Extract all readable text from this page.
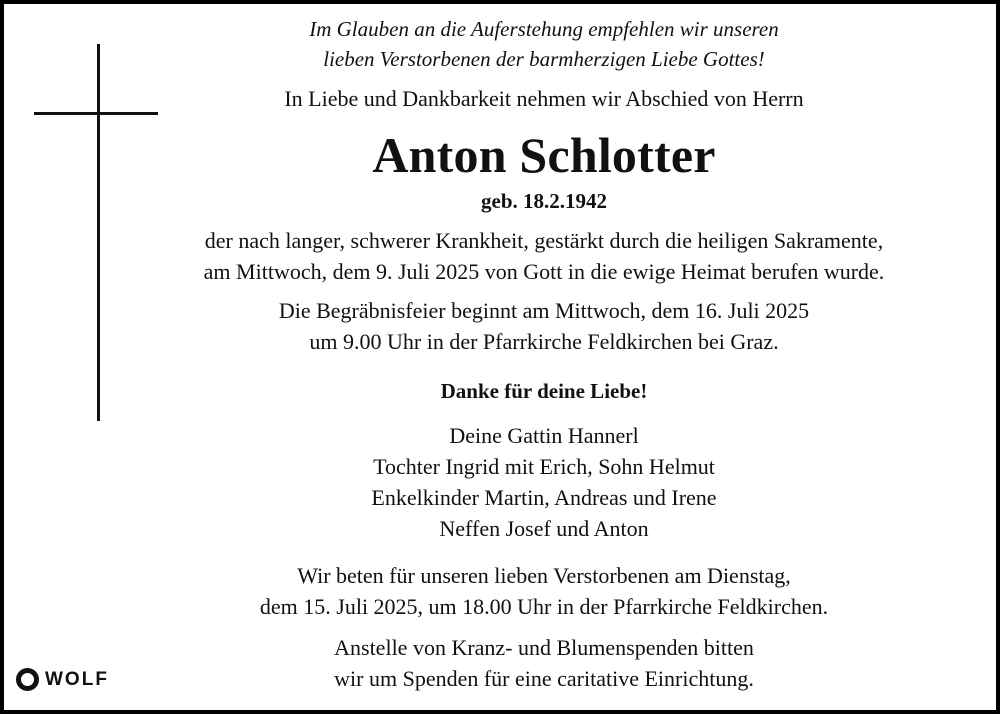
Im Glauben an die Auferstehung empfehlen wir unseren
lieben Verstorbenen der barmherzigen Liebe Gottes!
In Liebe und Dankbarkeit nehmen wir Abschied von Herrn
Anton Schlotter
geb. 18.2.1942
der nach langer, schwerer Krankheit, gestärkt durch die heiligen Sakramente,
am Mittwoch, dem 9. Juli 2025 von Gott in die ewige Heimat berufen wurde.
Die Begräbnisfeier beginnt am Mittwoch, dem 16. Juli 2025
um 9.00 Uhr in der Pfarrkirche Feldkirchen bei Graz.
Danke für deine Liebe!
Deine Gattin Hannerl
Tochter Ingrid mit Erich, Sohn Helmut
Enkelkinder Martin, Andreas und Irene
Neffen Josef und Anton
Wir beten für unseren lieben Verstorbenen am Dienstag,
dem 15. Juli 2025, um 18.00 Uhr in der Pfarrkirche Feldkirchen.
Anstelle von Kranz- und Blumenspenden bitten
wir um Spenden für eine caritative Einrichtung.
WOLF
